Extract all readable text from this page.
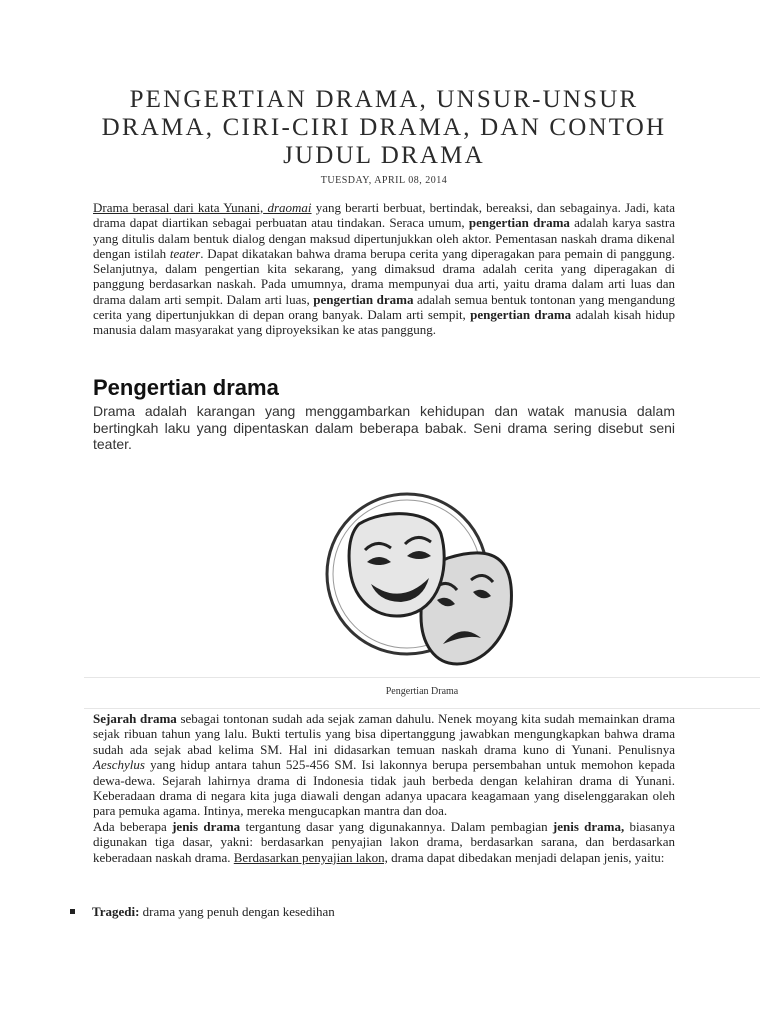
PENGERTIAN DRAMA, UNSUR-UNSUR DRAMA, CIRI-CIRI DRAMA, DAN CONTOH JUDUL DRAMA
TUESDAY, APRIL 08, 2014

Drama berasal dari kata Yunani, draomai yang berarti berbuat, bertindak, bereaksi, dan sebagainya. Jadi, kata drama dapat diartikan sebagai perbuatan atau tindakan. Seraca umum, pengertian drama adalah karya sastra yang ditulis dalam bentuk dialog dengan maksud dipertunjukkan oleh aktor. Pementasan naskah drama dikenal dengan istilah teater. Dapat dikatakan bahwa drama berupa cerita yang diperagakan para pemain di panggung. Selanjutnya, dalam pengertian kita sekarang, yang dimaksud drama adalah cerita yang diperagakan di panggung berdasarkan naskah. Pada umumnya, drama mempunyai dua arti, yaitu drama dalam arti luas dan drama dalam arti sempit. Dalam arti luas, pengertian drama adalah semua bentuk tontonan yang mengandung cerita yang dipertunjukkan di depan orang banyak. Dalam arti sempit, pengertian drama adalah kisah hidup manusia dalam masyarakat yang diproyeksikan ke atas panggung.

Pengertian drama

Drama adalah karangan yang menggambarkan kehidupan dan watak manusia dalam bertingkah laku yang dipentaskan dalam beberapa babak. Seni drama sering disebut seni teater.

Pengertian Drama

Sejarah drama sebagai tontonan sudah ada sejak zaman dahulu. Nenek moyang kita sudah memainkan drama sejak ribuan tahun yang lalu. Bukti tertulis yang bisa dipertanggung jawabkan mengungkapkan bahwa drama sudah ada sejak abad kelima SM. Hal ini didasarkan temuan naskah drama kuno di Yunani. Penulisnya Aeschylus yang hidup antara tahun 525-456 SM. Isi lakonnya berupa persembahan untuk memohon kepada dewa-dewa. Sejarah lahirnya drama di Indonesia tidak jauh berbeda dengan kelahiran drama di Yunani. Keberadaan drama di negara kita juga diawali dengan adanya upacara keagamaan yang diselenggarakan oleh para pemuka agama. Intinya, mereka mengucapkan mantra dan doa.
Ada beberapa jenis drama tergantung dasar yang digunakannya. Dalam pembagian jenis drama, biasanya digunakan tiga dasar, yakni: berdasarkan penyajian lakon drama, berdasarkan sarana, dan berdasarkan keberadaan naskah drama. Berdasarkan penyajian lakon, drama dapat dibedakan menjadi delapan jenis, yaitu:

Tragedi: drama yang penuh dengan kesedihan
